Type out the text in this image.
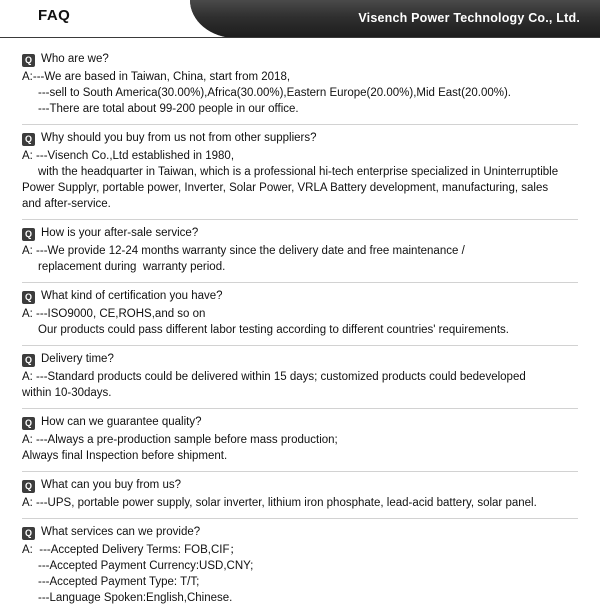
FAQ	Visench Power Technology Co., Ltd.
Q Who are we?
A:---We are based in Taiwan, China, start from 2018,
---sell to South America(30.00%),Africa(30.00%),Eastern Europe(20.00%),Mid East(20.00%).
---There are total about 99-200 people in our office.
Q Why should you buy from us not from other suppliers?
A: ---Visench Co.,Ltd established in 1980,
with the headquarter in Taiwan, which is a professional hi-tech enterprise specialized in Uninterruptible
Power Supplyr, portable power, Inverter, Solar Power, VRLA Battery development, manufacturing, sales
and after-service.
Q How is your after-sale service?
A: ---We provide 12-24 months warranty since the delivery date and free maintenance /
replacement during  warranty period.
Q What kind of certification you have?
A: ---ISO9000, CE,ROHS,and so on
Our products could pass different labor testing according to different countries' requirements.
Q Delivery time?
A: ---Standard products could be delivered within 15 days; customized products could bedeveloped
within 10-30days.
Q How can we guarantee quality?
A: ---Always a pre-production sample before mass production;
Always final Inspection before shipment.
Q What can you buy from us?
A: ---UPS, portable power supply, solar inverter, lithium iron phosphate, lead-acid battery, solar panel.
Q What services can we provide?
A:  ---Accepted Delivery Terms: FOB,CIF；
---Accepted Payment Currency:USD,CNY;
---Accepted Payment Type: T/T;
---Language Spoken:English,Chinese.
